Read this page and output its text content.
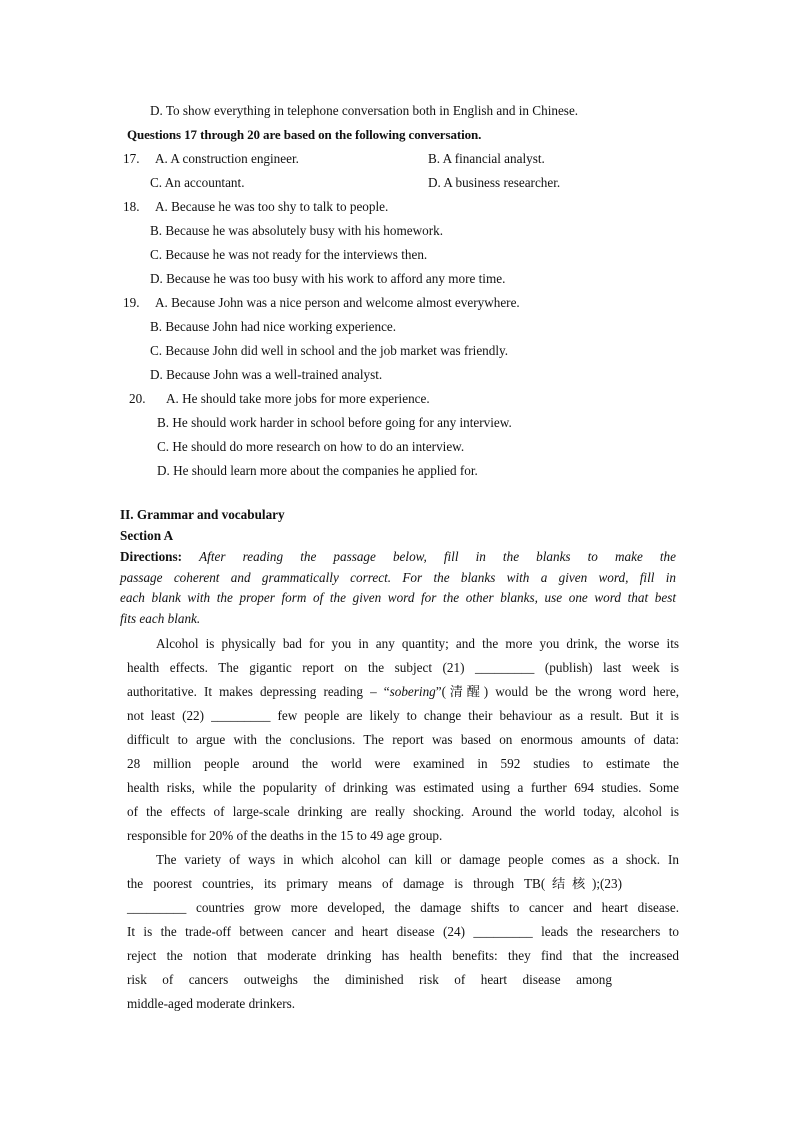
D. To show everything in telephone conversation both in English and in Chinese.
Questions 17 through 20 are based on the following conversation.
17. A. A construction engineer.	B. A financial analyst.
C. An accountant.	D. A business researcher.
18. A. Because he was too shy to talk to people.
B. Because he was absolutely busy with his homework.
C. Because he was not ready for the interviews then.
D. Because he was too busy with his work to afford any more time.
19. A. Because John was a nice person and welcome almost everywhere.
B. Because John had nice working experience.
C. Because John did well in school and the job market was friendly.
D. Because John was a well-trained analyst.
20. A. He should take more jobs for more experience.
B. He should work harder in school before going for any interview.
C. He should do more research on how to do an interview.
D. He should learn more about the companies he applied for.
II. Grammar and vocabulary
Section A
Directions: After reading the passage below, fill in the blanks to make the
passage coherent and grammatically correct. For the blanks with a given word, fill in
each blank with the proper form of the given word for the other blanks, use one word that best
fits each blank.
Alcohol is physically bad for you in any quantity; and the more you drink, the worse its
health effects. The gigantic report on the subject (21) _________ (publish) last week is
authoritative. It makes depressing reading – “sobering”(清醒) would be the wrong word here,
not least (22) _________ few people are likely to change their behaviour as a result. But it is
difficult to argue with the conclusions. The report was based on enormous amounts of data:
28 million people around the world were examined in 592 studies to estimate the
health risks, while the popularity of drinking was estimated using a further 694 studies. Some
of the effects of large-scale drinking are really shocking. Around the world today, alcohol is
responsible for 20% of the deaths in the 15 to 49 age group.
The variety of ways in which alcohol can kill or damage people comes as a shock. In
the poorest countries, its primary means of damage is through TB(结核);(23)
_________ countries grow more developed, the damage shifts to cancer and heart disease.
It is the trade-off between cancer and heart disease (24) _________ leads the researchers to
reject the notion that moderate drinking has health benefits: they find that the increased
risk of cancers outweighs the diminished risk of heart disease among
middle-aged moderate drinkers.
